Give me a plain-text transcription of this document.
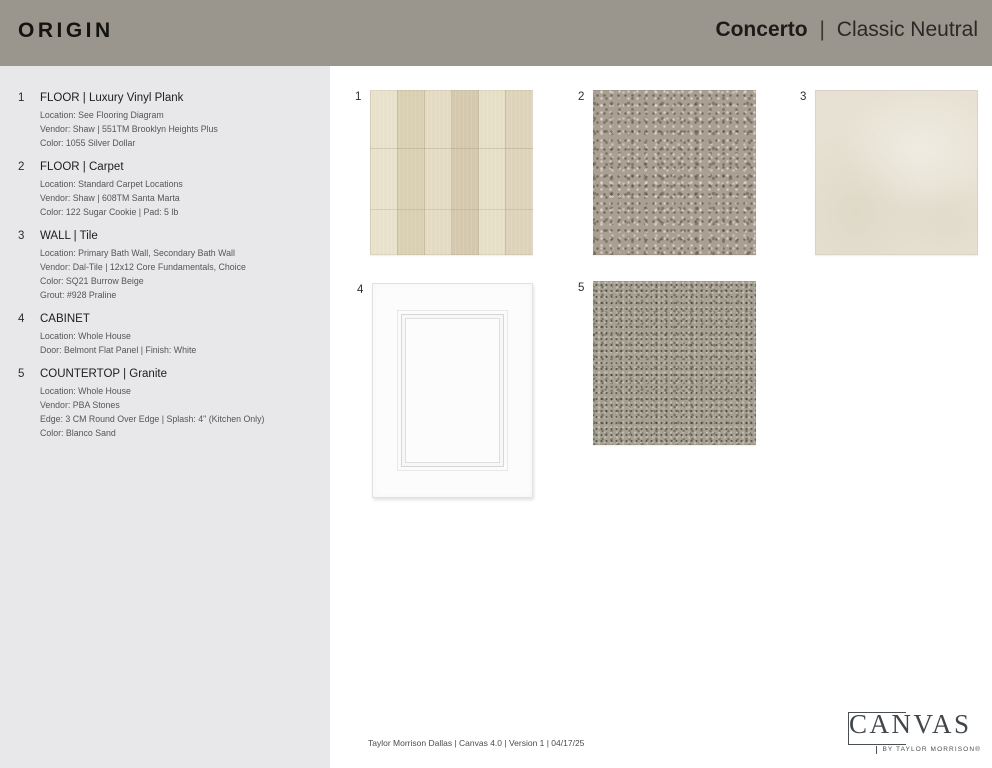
ORIGIN	Concerto | Classic Neutral
1	FLOOR | Luxury Vinyl Plank
Location: See Flooring Diagram
Vendor: Shaw | 551TM Brooklyn Heights Plus
Color: 1055 Silver Dollar
2	FLOOR | Carpet
Location: Standard Carpet Locations
Vendor: Shaw | 608TM Santa Marta
Color: 122 Sugar Cookie | Pad: 5 lb
3	WALL | Tile
Location: Primary Bath Wall, Secondary Bath Wall
Vendor: Dal-Tile | 12x12 Core Fundamentals, Choice
Color: SQ21 Burrow Beige
Grout: #928 Praline
4	CABINET
Location: Whole House
Door: Belmont Flat Panel | Finish: White
5	COUNTERTOP | Granite
Location: Whole House
Vendor: PBA Stones
Edge: 3 CM Round Over Edge | Splash: 4" (Kitchen Only)
Color: Blanco Sand
1	2	3
4	5
Taylor Morrison Dallas | Canvas 4.0 | Version 1 | 04/17/25
CANVAS
BY TAYLOR MORRISON®
